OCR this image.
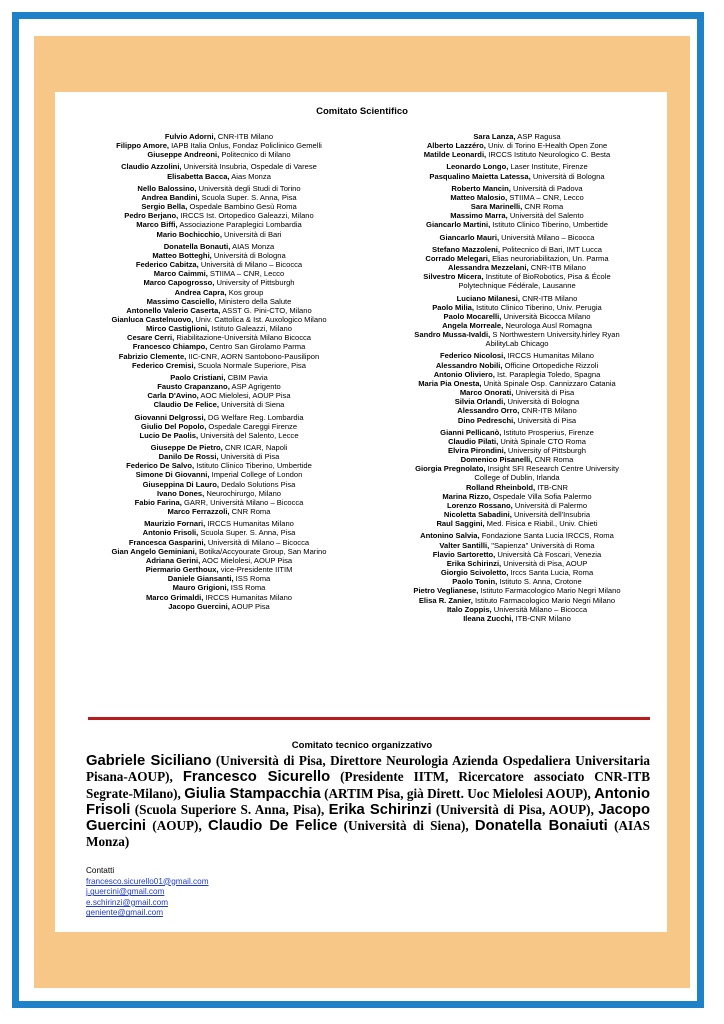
Comitato Scientifico
Fulvio Adorni, CNR-ITB Milano
Filippo Amore, IAPB Italia Onlus, Fondaz Policlinico Gemelli
Giuseppe Andreoni, Politecnico di Milano
Claudio Azzolini, Università Insubria, Ospedale di Varese
Elisabetta Bacca, Aias Monza
Nello Balossino, Università degli Studi di Torino
Andrea Bandini, Scuola Super. S. Anna, Pisa
Sergio Bella, Ospedale Bambino Gesù Roma
Pedro Berjano, IRCCS Ist. Ortopedico Galeazzi, Milano
Marco Biffi, Associazione Paraplegici Lombardia
Mario Bochicchio, Università di Bari
Donatella Bonauti, AIAS Monza
Matteo Botteghi, Università di Bologna
Federico Cabitza, Università di Milano – Bicocca
Marco Caimmi, STIIMA – CNR, Lecco
Marco Capogrosso, University of Pittsburgh
Andrea Capra, Kos group
Massimo Casciello, Ministero della Salute
Antonello Valerio Caserta, ASST G. Pini-CTO, Milano
Gianluca Castelnuovo, Univ. Cattolica & Ist. Auxologico Milano
Mirco Castiglioni, Istituto Galeazzi, Milano
Cesare Cerri, Riabilitazione-Università Milano Bicocca
Francesco Chiampo, Centro San Girolamo Parma
Fabrizio Clemente, IIC-CNR, AORN Santobono-Pausilipon
Federico Cremisi, Scuola Normale Superiore, Pisa
Paolo Cristiani, CBIM Pavia
Fausto Crapanzano, ASP Agrigento
Carla D'Avino, AOC Mielolesi, AOUP Pisa
Claudio De Felice, Università di Siena
Giovanni Delgrossi, DG Welfare Reg. Lombardia
Giulio Del Popolo, Ospedale Careggi Firenze
Lucio De Paolis, Università del Salento, Lecce
Giuseppe De Pietro, CNR ICAR, Napoli
Danilo De Rossi, Università di Pisa
Federico De Salvo, Istituto Clinico Tiberino, Umbertide
Simone Di Giovanni, Imperial College of London
Giuseppina Di Lauro, Dedalo Solutions Pisa
Ivano Dones, Neurochirurgo, Milano
Fabio Farina, GARR, Università Milano – Bicocca
Marco Ferrazzoli, CNR Roma
Maurizio Fornari, IRCCS Humanitas Milano
Antonio Frisoli, Scuola Super. S. Anna, Pisa
Francesca Gasparini, Università di Milano – Bicocca
Gian Angelo Geminiani, Botika/Accyourate Group, San Marino
Adriana Gerini, AOC Mielolesi, AOUP Pisa
Piermario Gerthoux, vice-Presidente IITIM
Daniele Giansanti, ISS Roma
Mauro Grigioni, ISS Roma
Marco Grimaldi, IRCCS Humanitas Milano
Jacopo Guercini, AOUP Pisa
Sara Lanza, ASP Ragusa
Alberto Lazzéro, Univ. di Torino E-Health Open Zone
Matilde Leonardi, IRCCS Istituto Neurologico C. Besta
Leonardo Longo, Laser Institute, Firenze
Pasqualino Maietta Latessa, Università di Bologna
Roberto Mancin, Università di Padova
Matteo Malosio, STIIMA – CNR, Lecco
Sara Marinelli, CNR Roma
Massimo Marra, Università del Salento
Giancarlo Martini, Istituto Clinico Tiberino, Umbertide
Giancarlo Mauri, Università Milano – Bicocca
Stefano Mazzoleni, Politecnico di Bari, IMT Lucca
Corrado Melegari, Elias neuroriabilitazion, Un. Parma
Alessandra Mezzelani, CNR-ITB Milano
Silvestro Micera, Institute of BioRobotics, Pisa & École
Polytechnique Fédérale, Lausanne
Luciano Milanesi, CNR-ITB Milano
Paolo Milia, Istituto Clinico Tiberino, Univ. Perugia
Paolo Mocarelli, Università Bicocca Milano
Angela Morreale, Neurologa Ausl Romagna
Sandro Mussa-Ivaldi, S Northwestern University.hirley Ryan
AbilityLab Chicago
Federico Nicolosi, IRCCS Humanitas Milano
Alessandro Nobili, Officine Ortopediche Rizzoli
Antonio Oliviero, Ist. Paraplegia Toledo, Spagna
Maria Pia Onesta, Unità Spinale Osp. Cannizzaro Catania
Marco Onorati, Università di Pisa
Silvia Orlandi, Università di Bologna
Alessandro Orro, CNR-ITB Milano
Dino Pedreschi, Università di Pisa
Gianni Pellicanò, Istituto Prosperius, Firenze
Claudio Pilati, Unità Spinale CTO Roma
Elvira Pirondini, University of Pittsburgh
Domenico Pisanelli, CNR Roma
Giorgia Pregnolato, Insight SFI Research Centre University
College of Dublin, Irlanda
Rolland Rheinbold, ITB-CNR
Marina Rizzo, Ospedale Villa Sofia Palermo
Lorenzo Rossano, Università di Palermo
Nicoletta Sabadini, Università dell'Insubria
Raul Saggini, Med. Fisica e Riabil., Univ. Chieti
Antonino Salvia, Fondazione Santa Lucia IRCCS, Roma
Valter Santilli, "Sapienza" Università di Roma
Flavio Sartoretto, Università Cà Foscari, Venezia
Erika Schirinzi, Università di Pisa, AOUP
Giorgio Scivoletto, Irccs Santa Lucia, Roma
Paolo Tonin, Istituto S. Anna, Crotone
Pietro Veglianese, Istituto Farmacologico Mario Negri Milano
Elisa R. Zanier, Istituto Farmacologico Mario Negri Milano
Italo Zoppis, Università Milano – Bicocca
Ileana Zucchi, ITB-CNR Milano
Comitato tecnico organizzativo
Gabriele Siciliano (Università di Pisa, Direttore Neurologia Azienda Ospedaliera Universitaria Pisana-AOUP), Francesco Sicurello (Presidente IITM, Ricercatore associato CNR-ITB Segrate-Milano), Giulia Stampacchia (ARTIM Pisa, già Dirett. Uoc Mielolesi AOUP), Antonio Frisoli (Scuola Superiore S. Anna, Pisa), Erika Schirinzi (Università di Pisa, AOUP), Jacopo Guercini (AOUP), Claudio De Felice (Università di Siena), Donatella Bonaiuti (AIAS Monza)
Contatti
francesco.sicurello01@gmail.com
j.guercini@gmail.com
e.schirinzi@gmail.com
geniente@gmail.com
